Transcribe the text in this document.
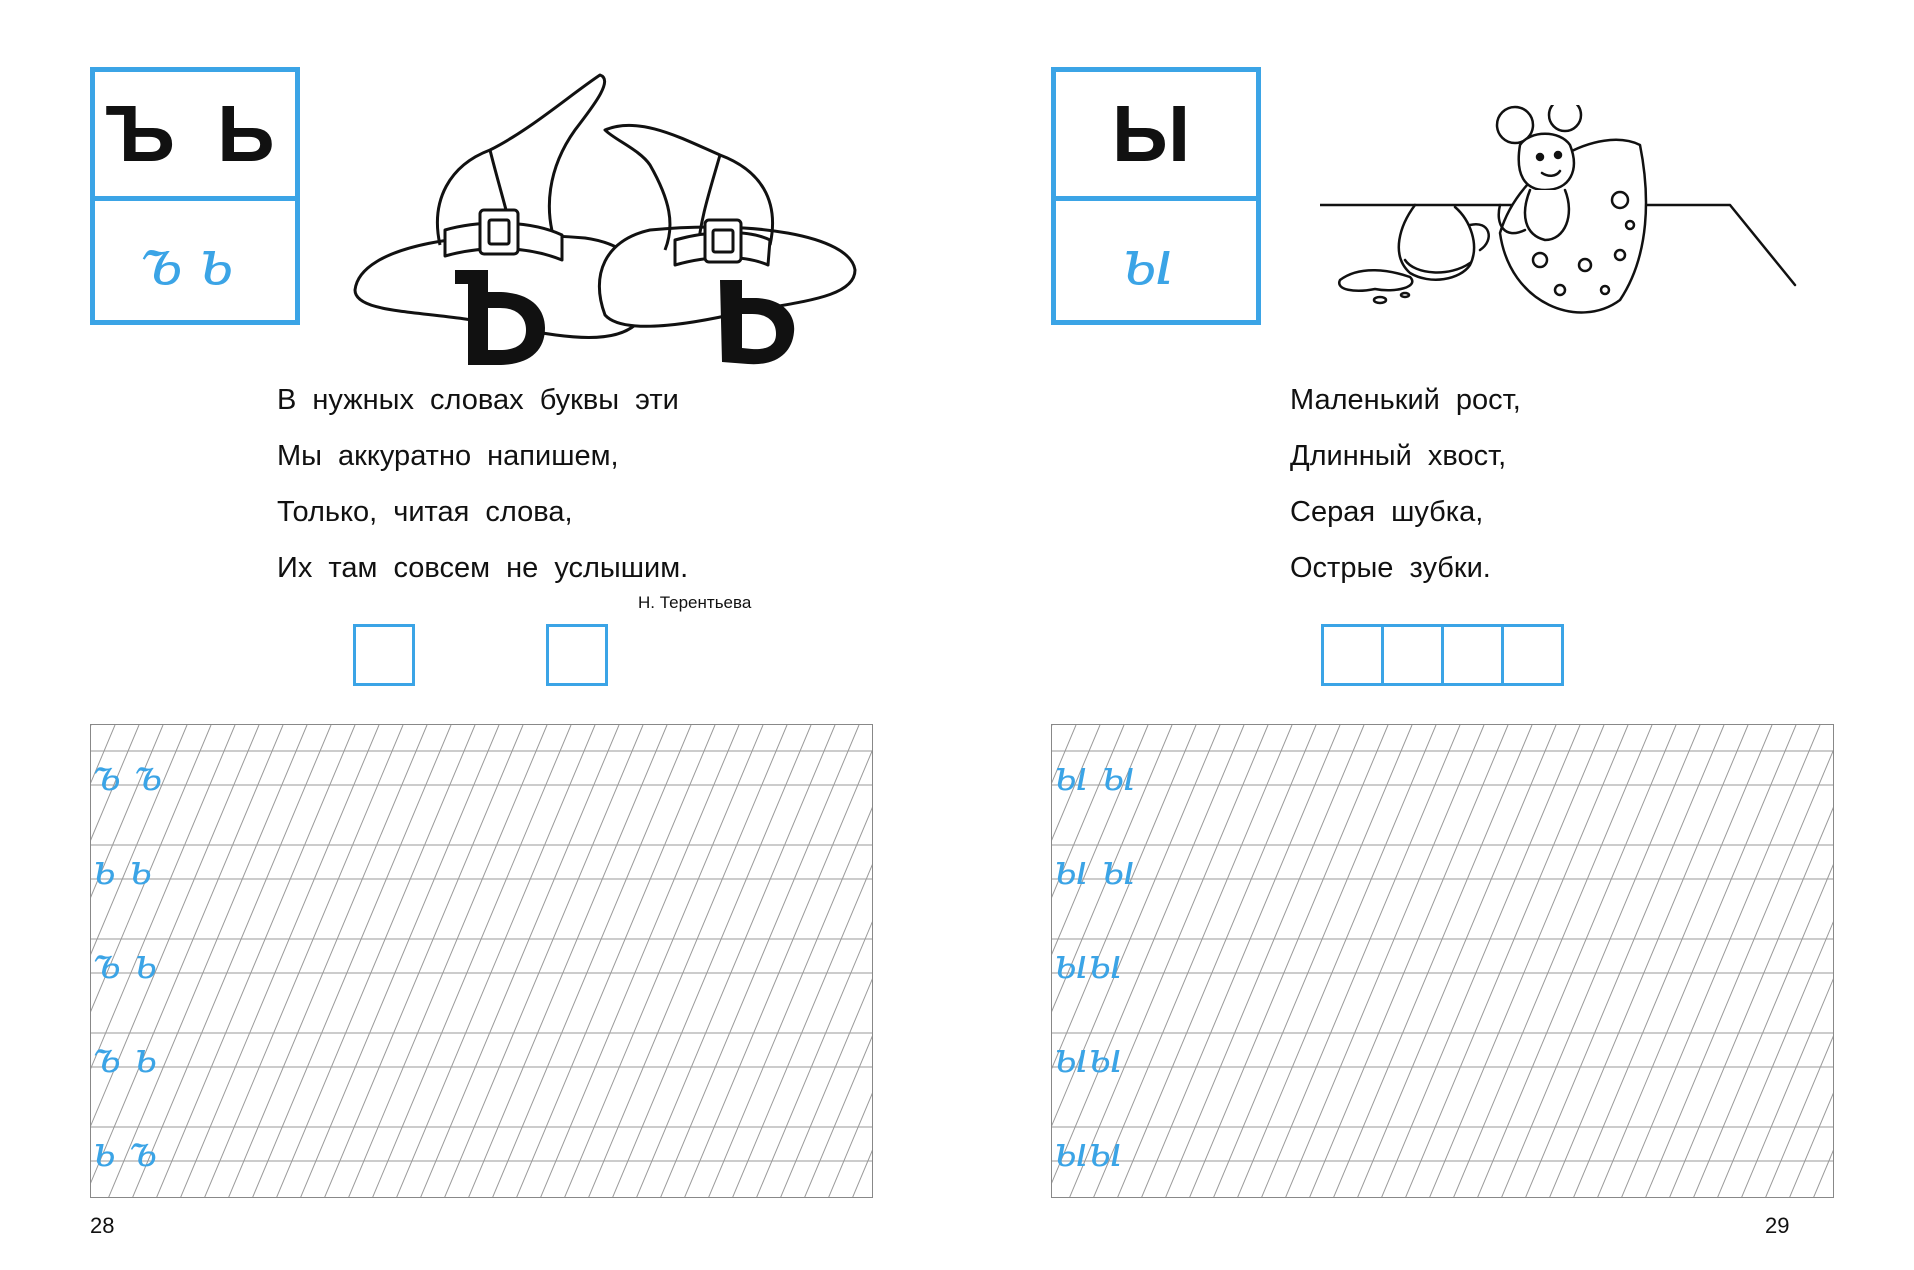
Ъ Ь
ъ ь
В нужных словах буквы эти
Мы аккуратно напишем,
Только, читая слова,
Их там совсем не услышим.
Н. Терентьева
ъ ъ
ь ь
ъ ь
ъ ь
ь ъ
28
Ы
ы
Маленький рост,
Длинный хвост,
Серая шубка,
Острые зубки.
ы ы
ы ы
ыы
ыы
ыы
29
